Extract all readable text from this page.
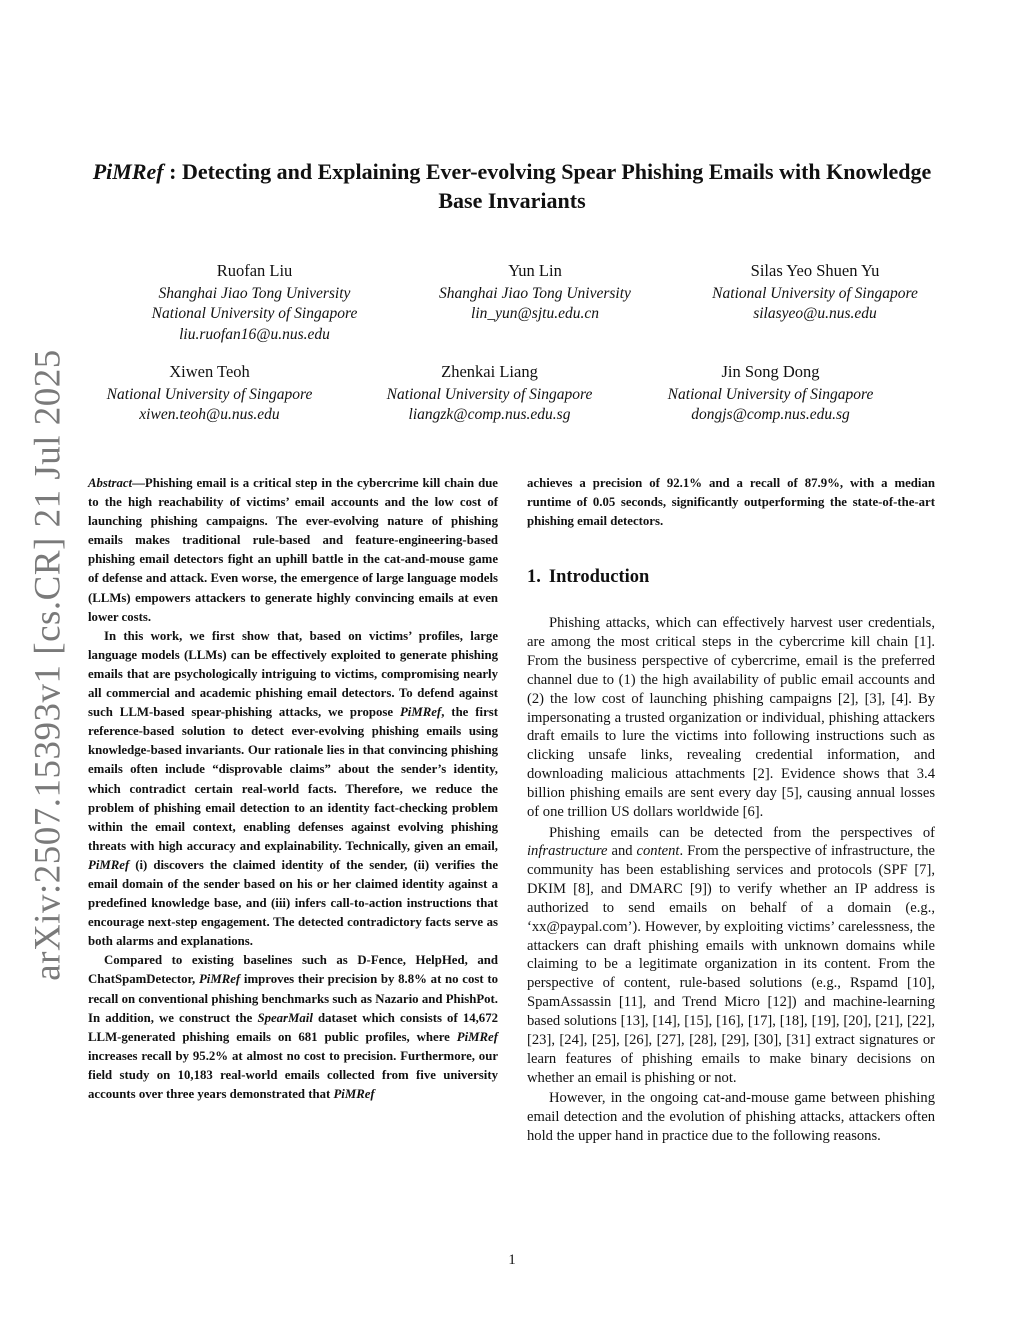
arXiv:2507.15393v1 [cs.CR] 21 Jul 2025
PiMRef : Detecting and Explaining Ever-evolving Spear Phishing Emails with Knowledge Base Invariants
Ruofan Liu
Shanghai Jiao Tong University
National University of Singapore
liu.ruofan16@u.nus.edu
Yun Lin
Shanghai Jiao Tong University
lin_yun@sjtu.edu.cn
Silas Yeo Shuen Yu
National University of Singapore
silasyeo@u.nus.edu
Xiwen Teoh
National University of Singapore
xiwen.teoh@u.nus.edu
Zhenkai Liang
National University of Singapore
liangzk@comp.nus.edu.sg
Jin Song Dong
National University of Singapore
dongjs@comp.nus.edu.sg

Abstract—Phishing email is a critical step in the cybercrime kill chain due to the high reachability of victims’ email accounts and the low cost of launching phishing campaigns. The ever-evolving nature of phishing emails makes traditional rule-based and feature-engineering-based phishing email detectors fight an uphill battle in the cat-and-mouse game of defense and attack. Even worse, the emergence of large language models (LLMs) empowers attackers to generate highly convincing emails at even lower costs.

In this work, we first show that, based on victims’ profiles, large language models (LLMs) can be effectively exploited to generate phishing emails that are psychologically intriguing to victims, compromising nearly all commercial and academic phishing email detectors. To defend against such LLM-based spear-phishing attacks, we propose PiMRef, the first reference-based solution to detect ever-evolving phishing emails using knowledge-based invariants. Our rationale lies in that convincing phishing emails often include “disprovable claims” about the sender’s identity, which contradict certain real-world facts. Therefore, we reduce the problem of phishing email detection to an identity fact-checking problem within the email context, enabling defenses against evolving phishing threats with high accuracy and explainability. Technically, given an email, PiMRef (i) discovers the claimed identity of the sender, (ii) verifies the email domain of the sender based on his or her claimed identity against a predefined knowledge base, and (iii) infers call-to-action instructions that encourage next-step engagement. The detected contradictory facts serve as both alarms and explanations.

Compared to existing baselines such as D-Fence, HelpHed, and ChatSpamDetector, PiMRef improves their precision by 8.8% at no cost to recall on conventional phishing benchmarks such as Nazario and PhishPot. In addition, we construct the SpearMail dataset which consists of 14,672 LLM-generated phishing emails on 681 public profiles, where PiMRef increases recall by 95.2% at almost no cost to precision. Furthermore, our field study on 10,183 real-world emails collected from five university accounts over three years demonstrated that PiMRef

achieves a precision of 92.1% and a recall of 87.9%, with a median runtime of 0.05 seconds, significantly outperforming the state-of-the-art phishing email detectors.

1. Introduction

Phishing attacks, which can effectively harvest user credentials, are among the most critical steps in the cybercrime kill chain [1]. From the business perspective of cybercrime, email is the preferred channel due to (1) the high availability of public email accounts and (2) the low cost of launching phishing campaigns [2], [3], [4]. By impersonating a trusted organization or individual, phishing attackers draft emails to lure the victims into following instructions such as clicking unsafe links, revealing credential information, and downloading malicious attachments [2]. Evidence shows that 3.4 billion phishing emails are sent every day [5], causing annual losses of one trillion US dollars worldwide [6].

Phishing emails can be detected from the perspectives of infrastructure and content. From the perspective of infrastructure, the community has been establishing services and protocols (SPF [7], DKIM [8], and DMARC [9]) to verify whether an IP address is authorized to send emails on behalf of a domain (e.g., ‘xx@paypal.com’). However, by exploiting victims’ carelessness, the attackers can draft phishing emails with unknown domains while claiming to be a legitimate organization in its content. From the perspective of content, rule-based solutions (e.g., Rspamd [10], SpamAssassin [11], and Trend Micro [12]) and machine-learning based solutions [13], [14], [15], [16], [17], [18], [19], [20], [21], [22], [23], [24], [25], [26], [27], [28], [29], [30], [31] extract signatures or learn features of phishing emails to make binary decisions on whether an email is phishing or not.

However, in the ongoing cat-and-mouse game between phishing email detection and the evolution of phishing attacks, attackers often hold the upper hand in practice due to the following reasons.

1
